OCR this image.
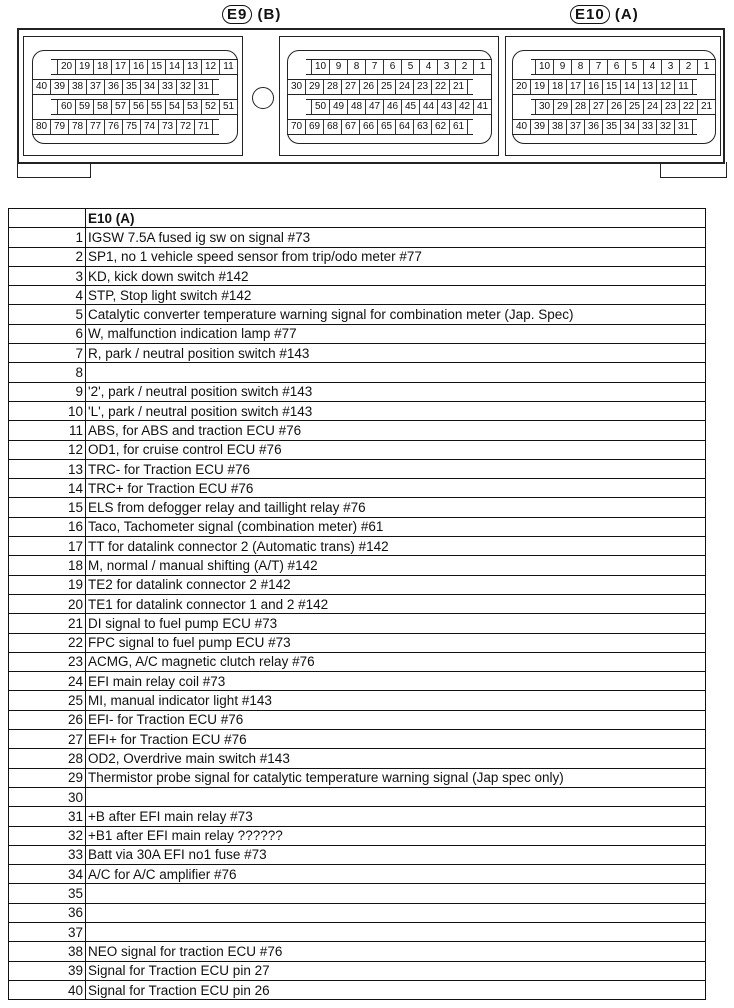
E9 (B)	E10 (A)
20 19 18 17 16 15 14 13 12 11
40 39 38 37 36 35 34 33 32 31
60 59 58 57 56 55 54 53 52 51
80 79 78 77 76 75 74 73 72 71
10 9	8	7	6	5	4	3	2	1
30 29 28 27 26 25 24 23 22 21
50 49 48 47 46 45 44 43 42 41
70 69 68 67 66 65 64 63 62 61
10 9	8	7	6	5	4	3	2	1
20 19 18 17 16 15 14 13 12 11
30 29 28 27 26 25 24 23 22 21
40 39 38 37 36 35 34 33 32 31
	E10 (A)
1	IGSW 7.5A fused ig sw on signal #73
2	SP1, no 1 vehicle speed sensor from trip/odo meter #77
3	KD, kick down switch #142
4	STP, Stop light switch #142
5	Catalytic converter temperature warning signal for combination meter (Jap. Spec)
6	W, malfunction indication lamp #77
7	R, park / neutral position switch #143
8	
9	'2', park / neutral position switch #143
10	'L', park / neutral position switch #143
11	ABS, for ABS and traction ECU #76
12	OD1, for cruise control ECU #76
13	TRC- for Traction ECU #76
14	TRC+ for Traction ECU #76
15	ELS from defogger relay and taillight relay #76
16	Taco, Tachometer signal (combination meter) #61
17	TT for datalink connector 2 (Automatic trans) #142
18	M, normal / manual shifting (A/T) #142
19	TE2 for datalink connector 2 #142
20	TE1 for datalink connector 1 and 2 #142
21	DI signal to fuel pump ECU #73
22	FPC signal to fuel pump ECU #73
23	ACMG, A/C magnetic clutch relay #76
24	EFI main relay coil #73
25	MI, manual indicator light #143
26	EFI- for Traction ECU #76
27	EFI+ for Traction ECU #76
28	OD2, Overdrive main switch #143
29	Thermistor probe signal for catalytic temperature warning signal (Jap spec only)
30	
31	+B after EFI main relay #73
32	+B1 after EFI main relay ??????
33	Batt via 30A EFI no1 fuse #73
34	A/C for A/C amplifier #76
35	
36	
37	
38	NEO signal for traction ECU #76
39	Signal for Traction ECU pin 27
40	Signal for Traction ECU pin 26
